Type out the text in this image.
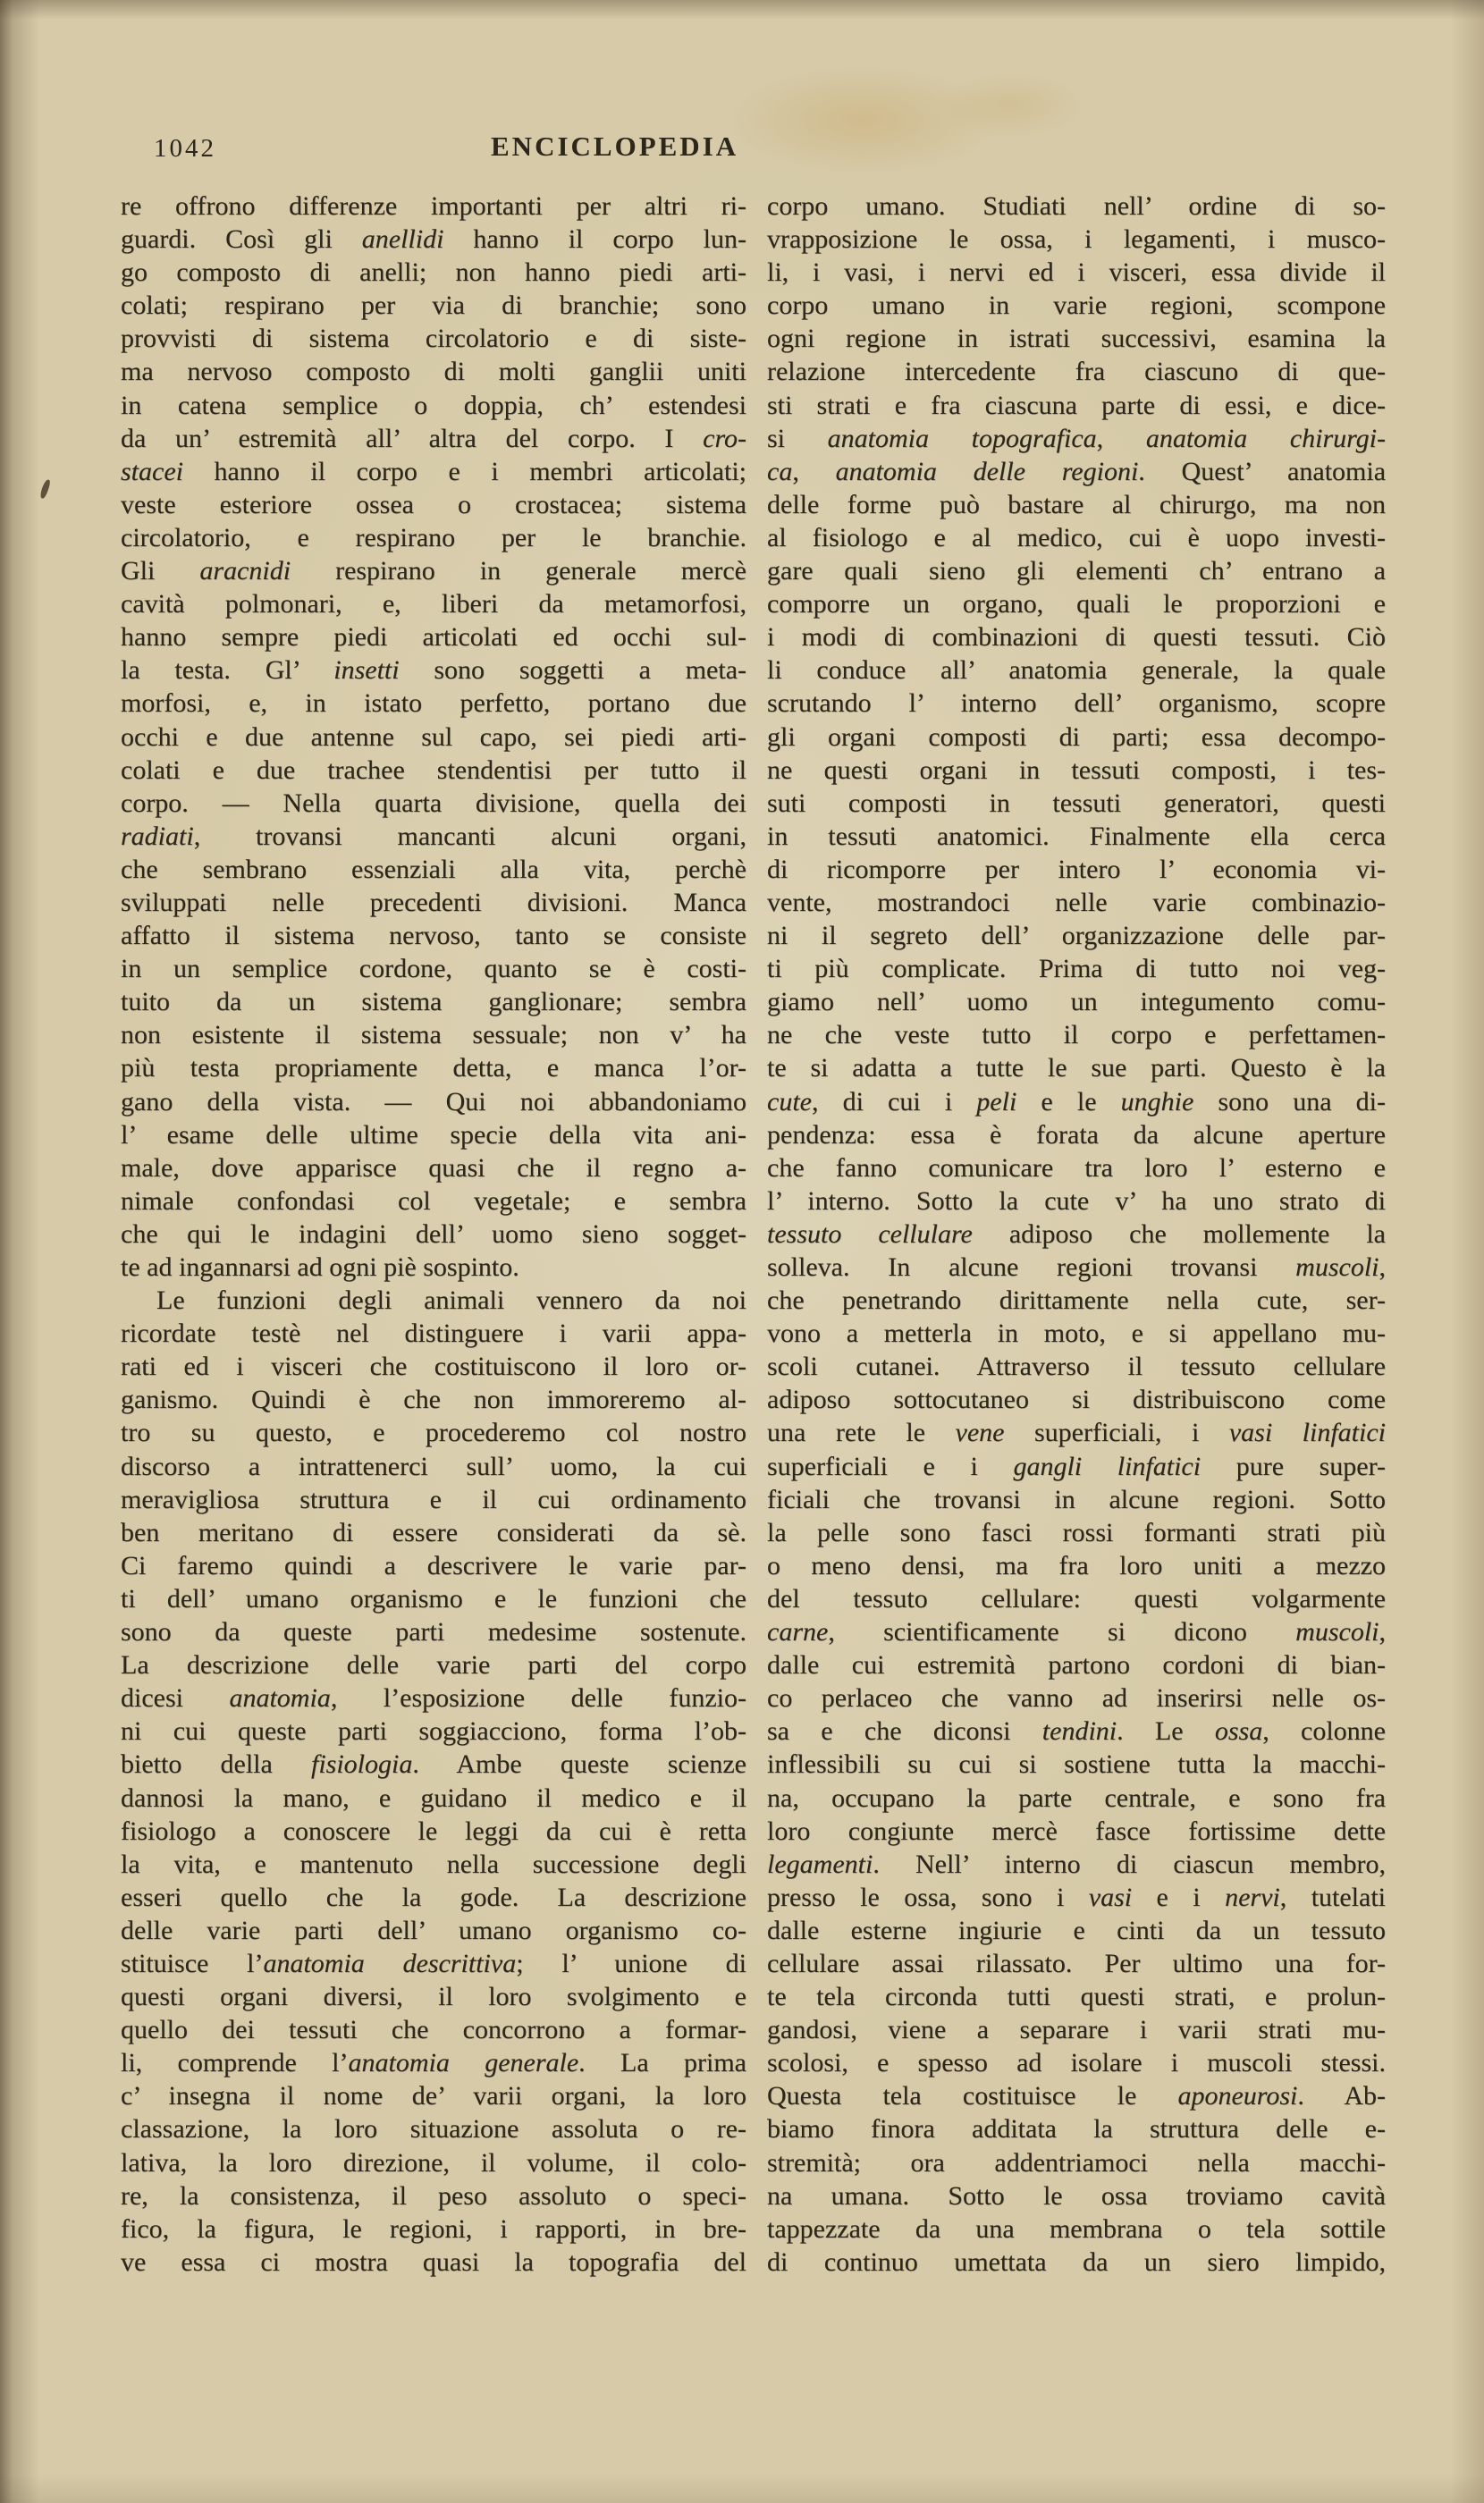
1042	ENCICLOPEDIA
re offrono differenze importanti per altri ri-
guardi. Così gli anellidi hanno il corpo lun-
go composto di anelli; non hanno piedi arti-
colati; respirano per via di branchie; sono
provvisti di sistema circolatorio e di siste-
ma nervoso composto di molti ganglii uniti
in catena semplice o doppia, ch’ estendesi
da un’ estremità all’ altra del corpo. I cro-
stacei hanno il corpo e i membri articolati;
veste esteriore ossea o crostacea; sistema
circolatorio, e respirano per le branchie.
Gli aracnidi respirano in generale mercè
cavità polmonari, e, liberi da metamorfosi,
hanno sempre piedi articolati ed occhi sul-
la testa. Gl’ insetti sono soggetti a meta-
morfosi, e, in istato perfetto, portano due
occhi e due antenne sul capo, sei piedi arti-
colati e due trachee stendentisi per tutto il
corpo. — Nella quarta divisione, quella dei
radiati, trovansi mancanti alcuni organi,
che sembrano essenziali alla vita, perchè
sviluppati nelle precedenti divisioni. Manca
affatto il sistema nervoso, tanto se consiste
in un semplice cordone, quanto se è costi-
tuito da un sistema ganglionare; sembra
non esistente il sistema sessuale; non v’ ha
più testa propriamente detta, e manca l’or-
gano della vista. — Qui noi abbandoniamo
l’ esame delle ultime specie della vita ani-
male, dove apparisce quasi che il regno a-
nimale confondasi col vegetale; e sembra
che qui le indagini dell’ uomo sieno sogget-
te ad ingannarsi ad ogni piè sospinto.
Le funzioni degli animali vennero da noi
ricordate testè nel distinguere i varii appa-
rati ed i visceri che costituiscono il loro or-
ganismo. Quindi è che non immoreremo al-
tro su questo, e procederemo col nostro
discorso a intrattenerci sull’ uomo, la cui
meravigliosa struttura e il cui ordinamento
ben meritano di essere considerati da sè.
Ci faremo quindi a descrivere le varie par-
ti dell’ umano organismo e le funzioni che
sono da queste parti medesime sostenute.
La descrizione delle varie parti del corpo
dicesi anatomia, l’esposizione delle funzio-
ni cui queste parti soggiacciono, forma l’ob-
bietto della fisiologia. Ambe queste scienze
dannosi la mano, e guidano il medico e il
fisiologo a conoscere le leggi da cui è retta
la vita, e mantenuto nella successione degli
esseri quello che la gode. La descrizione
delle varie parti dell’ umano organismo co-
stituisce l’anatomia descrittiva; l’ unione di
questi organi diversi, il loro svolgimento e
quello dei tessuti che concorrono a formar-
li, comprende l’anatomia generale. La prima
c’ insegna il nome de’ varii organi, la loro
classazione, la loro situazione assoluta o re-
lativa, la loro direzione, il volume, il colo-
re, la consistenza, il peso assoluto o speci-
fico, la figura, le regioni, i rapporti, in bre-
ve essa ci mostra quasi la topografia del
corpo umano. Studiati nell’ ordine di so-
vrapposizione le ossa, i legamenti, i musco-
li, i vasi, i nervi ed i visceri, essa divide il
corpo umano in varie regioni, scompone
ogni regione in istrati successivi, esamina la
relazione intercedente fra ciascuno di que-
sti strati e fra ciascuna parte di essi, e dice-
si anatomia topografica, anatomia chirurgi-
ca, anatomia delle regioni. Quest’ anatomia
delle forme può bastare al chirurgo, ma non
al fisiologo e al medico, cui è uopo investi-
gare quali sieno gli elementi ch’ entrano a
comporre un organo, quali le proporzioni e
i modi di combinazioni di questi tessuti. Ciò
li conduce all’ anatomia generale, la quale
scrutando l’ interno dell’ organismo, scopre
gli organi composti di parti; essa decompo-
ne questi organi in tessuti composti, i tes-
suti composti in tessuti generatori, questi
in tessuti anatomici. Finalmente ella cerca
di ricomporre per intero l’ economia vi-
vente, mostrandoci nelle varie combinazio-
ni il segreto dell’ organizzazione delle par-
ti più complicate. Prima di tutto noi veg-
giamo nell’ uomo un integumento comu-
ne che veste tutto il corpo e perfettamen-
te si adatta a tutte le sue parti. Questo è la
cute, di cui i peli e le unghie sono una di-
pendenza: essa è forata da alcune aperture
che fanno comunicare tra loro l’ esterno e
l’ interno. Sotto la cute v’ ha uno strato di
tessuto cellulare adiposo che mollemente la
solleva. In alcune regioni trovansi muscoli,
che penetrando dirittamente nella cute, ser-
vono a metterla in moto, e si appellano mu-
scoli cutanei. Attraverso il tessuto cellulare
adiposo sottocutaneo si distribuiscono come
una rete le vene superficiali, i vasi linfatici
superficiali e i gangli linfatici pure super-
ficiali che trovansi in alcune regioni. Sotto
la pelle sono fasci rossi formanti strati più
o meno densi, ma fra loro uniti a mezzo
del tessuto cellulare: questi volgarmente
carne, scientificamente si dicono muscoli,
dalle cui estremità partono cordoni di bian-
co perlaceo che vanno ad inserirsi nelle os-
sa e che diconsi tendini. Le ossa, colonne
inflessibili su cui si sostiene tutta la macchi-
na, occupano la parte centrale, e sono fra
loro congiunte mercè fasce fortissime dette
legamenti. Nell’ interno di ciascun membro,
presso le ossa, sono i vasi e i nervi, tutelati
dalle esterne ingiurie e cinti da un tessuto
cellulare assai rilassato. Per ultimo una for-
te tela circonda tutti questi strati, e prolun-
gandosi, viene a separare i varii strati mu-
scolosi, e spesso ad isolare i muscoli stessi.
Questa tela costituisce le aponeurosi. Ab-
biamo finora additata la struttura delle e-
stremità; ora addentriamoci nella macchi-
na umana. Sotto le ossa troviamo cavità
tappezzate da una membrana o tela sottile
di continuo umettata da un siero limpido,
